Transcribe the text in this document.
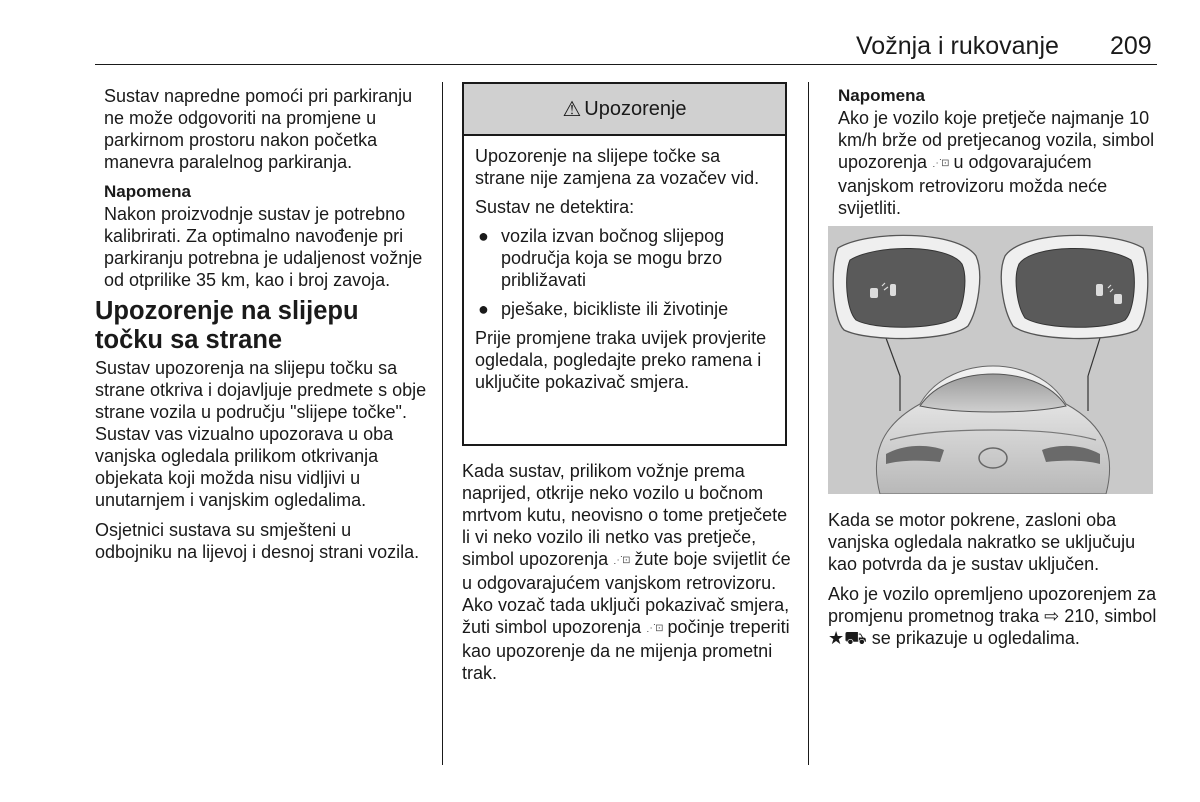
Vožnja i rukovanje 209

Sustav napredne pomoći pri parkiranju ne može odgovoriti na promjene u parkirnom prostoru nakon početka manevra paralelnog parkiranja.

Napomena

Nakon proizvodnje sustav je potrebno kalibrirati. Za optimalno navođenje pri parkiranju potrebna je udaljenost vožnje od otprilike 35 km, kao i broj zavoja.

Upozorenje na slijepu točku sa strane

Sustav upozorenja na slijepu točku sa strane otkriva i dojavljuje predmete s obje strane vozila u području "slijepe točke". Sustav vas vizualno upozorava u oba vanjska ogledala prilikom otkrivanja objekata koji možda nisu vidljivi u unutarnjem i vanjskim ogledalima.

Osjetnici sustava su smješteni u odbojniku na lijevoj i desnoj strani vozila.

⚠ Upozorenje

Upozorenje na slijepe točke sa strane nije zamjena za vozačev vid.

Sustav ne detektira:

● vozila izvan bočnog slijepog područja koja se mogu brzo približavati
● pješake, bicikliste ili životinje

Prije promjene traka uvijek provjerite ogledala, pogledajte preko ramena i uključite pokazivač smjera.

Kada sustav, prilikom vožnje prema naprijed, otkrije neko vozilo u bočnom mrtvom kutu, neovisno o tome pretječete li vi neko vozilo ili netko vas pretječe, simbol upozorenja ⋰⊡ žute boje svijetlit će u odgovarajućem vanjskom retrovizoru. Ako vozač tada uključi pokazivač smjera, žuti simbol upozorenja ⋰⊡ počinje treperiti kao upozorenje da ne mijenja prometni trak.

Napomena

Ako je vozilo koje pretječe najmanje 10 km/h brže od pretjecanog vozila, simbol upozorenja ⋰⊡ u odgovarajućem vanjskom retrovizoru možda neće svijetliti.

Kada se motor pokrene, zasloni oba vanjska ogledala nakratko se uključuju kao potvrda da je sustav uključen.

Ako je vozilo opremljeno upozorenjem za promjenu prometnog traka ⇨ 210, simbol ★⛟ se prikazuje u ogledalima.
